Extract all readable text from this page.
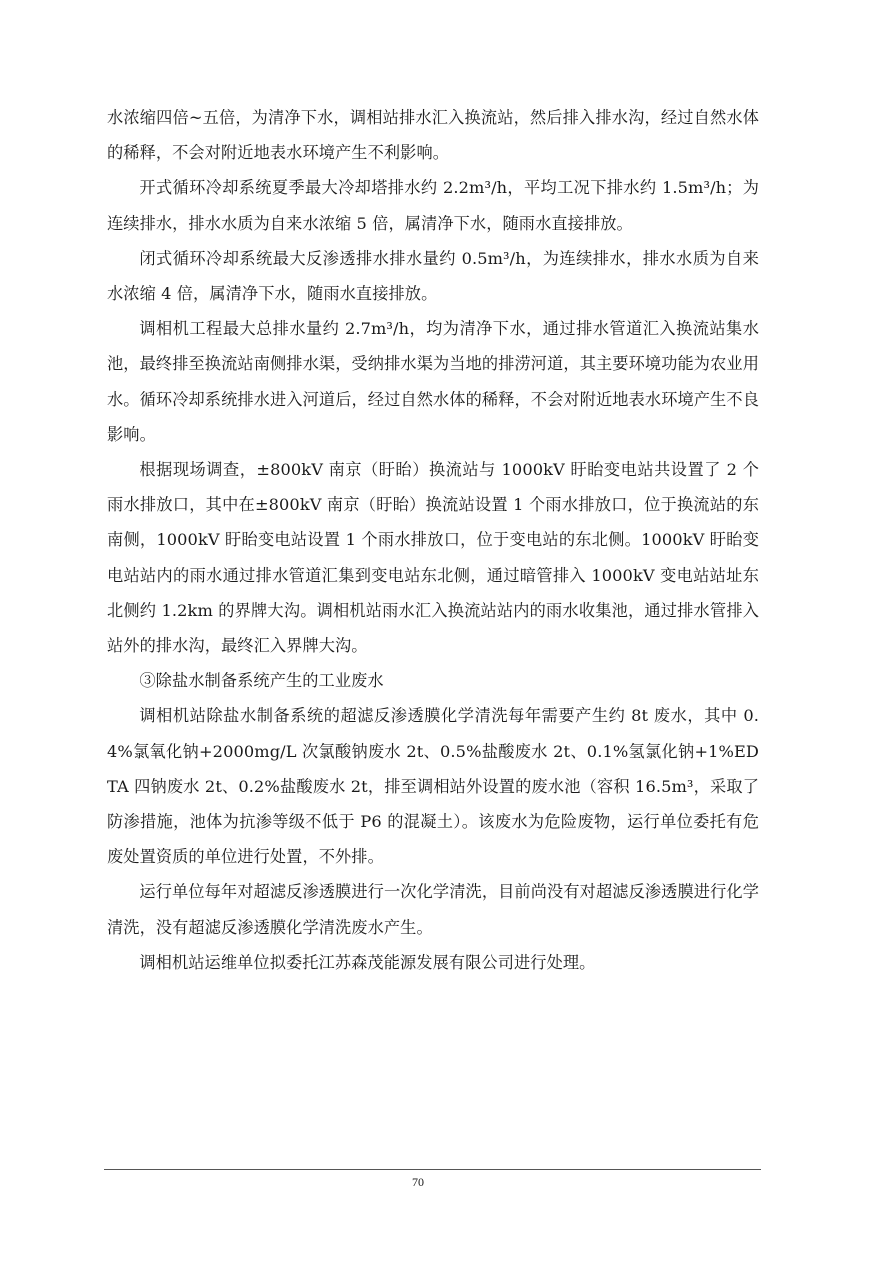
水浓缩四倍~五倍，为清净下水，调相站排水汇入换流站，然后排入排水沟，经过自然水体的稀释，不会对附近地表水环境产生不利影响。

开式循环冷却系统夏季最大冷却塔排水约 2.2m³/h，平均工况下排水约 1.5m³/h；为连续排水，排水水质为自来水浓缩 5 倍，属清净下水，随雨水直接排放。

闭式循环冷却系统最大反渗透排水排水量约 0.5m³/h，为连续排水，排水水质为自来水浓缩 4 倍，属清净下水，随雨水直接排放。

调相机工程最大总排水量约 2.7m³/h，均为清净下水，通过排水管道汇入换流站集水池，最终排至换流站南侧排水渠，受纳排水渠为当地的排涝河道，其主要环境功能为农业用水。循环冷却系统排水进入河道后，经过自然水体的稀释，不会对附近地表水环境产生不良影响。

根据现场调查，±800kV 南京（盱眙）换流站与 1000kV 盱眙变电站共设置了 2 个雨水排放口，其中在±800kV 南京（盱眙）换流站设置 1 个雨水排放口，位于换流站的东南侧，1000kV 盱眙变电站设置 1 个雨水排放口，位于变电站的东北侧。1000kV 盱眙变电站站内的雨水通过排水管道汇集到变电站东北侧，通过暗管排入 1000kV 变电站站址东北侧约 1.2km 的界牌大沟。调相机站雨水汇入换流站站内的雨水收集池，通过排水管排入站外的排水沟，最终汇入界牌大沟。

③除盐水制备系统产生的工业废水

调相机站除盐水制备系统的超滤反渗透膜化学清洗每年需要产生约 8t 废水，其中 0.4%氯氧化钠+2000mg/L 次氯酸钠废水 2t、0.5%盐酸废水 2t、0.1%氢氯化钠+1%EDTA 四钠废水 2t、0.2%盐酸废水 2t，排至调相站外设置的废水池（容积 16.5m³，采取了防渗措施，池体为抗渗等级不低于 P6 的混凝土）。该废水为危险废物，运行单位委托有危废处置资质的单位进行处置，不外排。

运行单位每年对超滤反渗透膜进行一次化学清洗，目前尚没有对超滤反渗透膜进行化学清洗，没有超滤反渗透膜化学清洗废水产生。

调相机站运维单位拟委托江苏森茂能源发展有限公司进行处理。

70
